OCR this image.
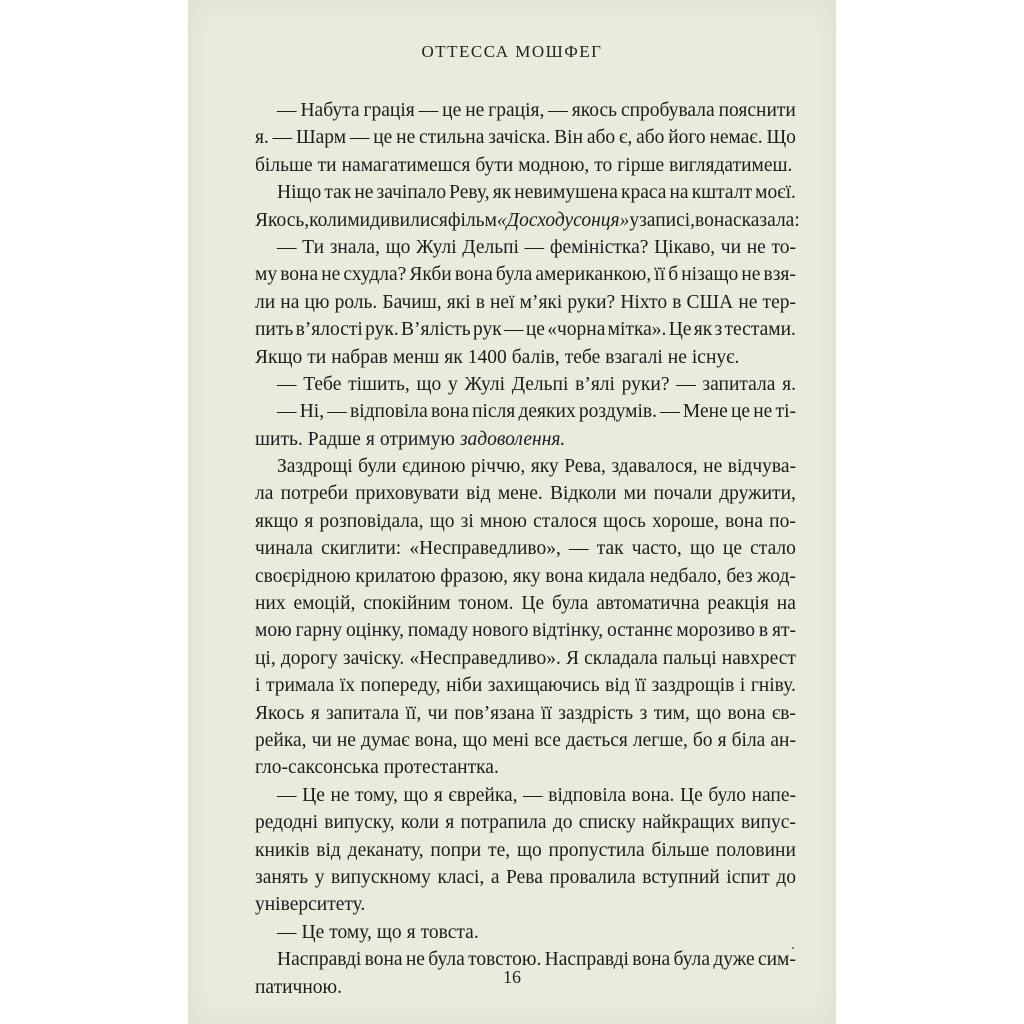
ОТТЕССА МОШФЕГ
— Набута грація — це не грація, — якось спробувала пояснити
я. — Шарм — це не стильна зачіска. Він або є, або його немає. Що
більше ти намагатимешся бути модною, то гірше виглядатимеш.
Ніщо так не зачіпало Реву, як невимушена краса на кшталт моєї.
Якось, коли ми дивилися фільм «До сходу сонця» у записі, вона сказала:
— Ти знала, що Жулі Дельпі — феміністка? Цікаво, чи не то-
му вона не схудла? Якби вона була американкою, її б нізащо не взя-
ли на цю роль. Бачиш, які в неї м’які руки? Ніхто в США не тер-
пить в’ялості рук. В’ялість рук — це «чорна мітка». Це як з тестами.
Якщо ти набрав менш як 1400 балів, тебе взагалі не існує.
— Тебе тішить, що у Жулі Дельпі в’ялі руки? — запитала я.
— Ні, — відповіла вона після деяких роздумів. — Мене це не ті-
шить. Радше я отримую задоволення.
Заздрощі були єдиною річчю, яку Рева, здавалося, не відчува-
ла потреби приховувати від мене. Відколи ми почали дружити,
якщо я розповідала, що зі мною сталося щось хороше, вона по-
чинала скиглити: «Несправедливо», — так часто, що це стало
своєрідною крилатою фразою, яку вона кидала недбало, без жод-
них емоцій, спокійним тоном. Це була автоматична реакція на
мою гарну оцінку, помаду нового відтінку, останнє морозиво в ят-
ці, дорогу зачіску. «Несправедливо». Я складала пальці навхрест
і тримала їх попереду, ніби захищаючись від її заздрощів і гніву.
Якось я запитала її, чи пов’язана її заздрість з тим, що вона єв-
рейка, чи не думає вона, що мені все дається легше, бо я біла ан-
гло-саксонська протестантка.
— Це не тому, що я єврейка, — відповіла вона. Це було напе-
редодні випуску, коли я потрапила до списку найкращих випус-
кників від деканату, попри те, що пропустила більше половини
занять у випускному класі, а Рева провалила вступний іспит до
університету.
— Це тому, що я товста.
Насправді вона не була товстою. Насправді вона була дуже сим-
патичною.	16
